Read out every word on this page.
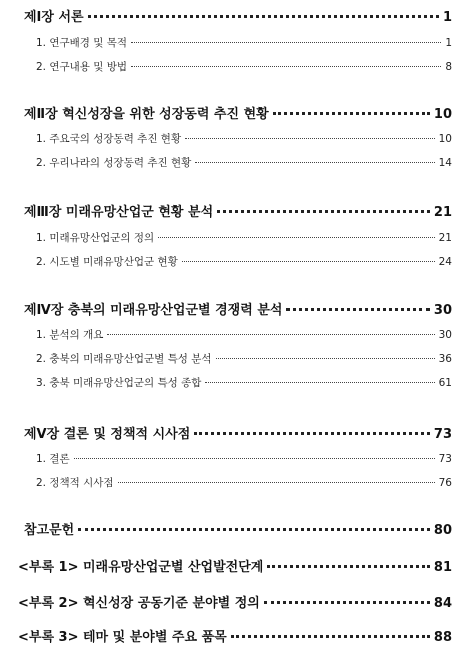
제Ⅰ장 서론	1
1. 연구배경 및 목적	1
2. 연구내용 및 방법	8
제Ⅱ장 혁신성장을 위한 성장동력 추진 현황	10
1. 주요국의 성장동력 추진 현황	10
2. 우리나라의 성장동력 추진 현황	14
제Ⅲ장 미래유망산업군 현황 분석	21
1. 미래유망산업군의 정의	21
2. 시도별 미래유망산업군 현황	24
제Ⅳ장 충북의 미래유망산업군별 경쟁력 분석	30
1. 분석의 개요	30
2. 충북의 미래유망산업군별 특성 분석	36
3. 충북 미래유망산업군의 특성 종합	61
제Ⅴ장 결론 및 정책적 시사점	73
1. 결론	73
2. 정책적 시사점	76
참고문헌	80
<부록 1> 미래유망산업군별 산업발전단계	81
<부록 2> 혁신성장 공동기준 분야별 정의	84
<부록 3> 테마 및 분야별 주요 품목	88
